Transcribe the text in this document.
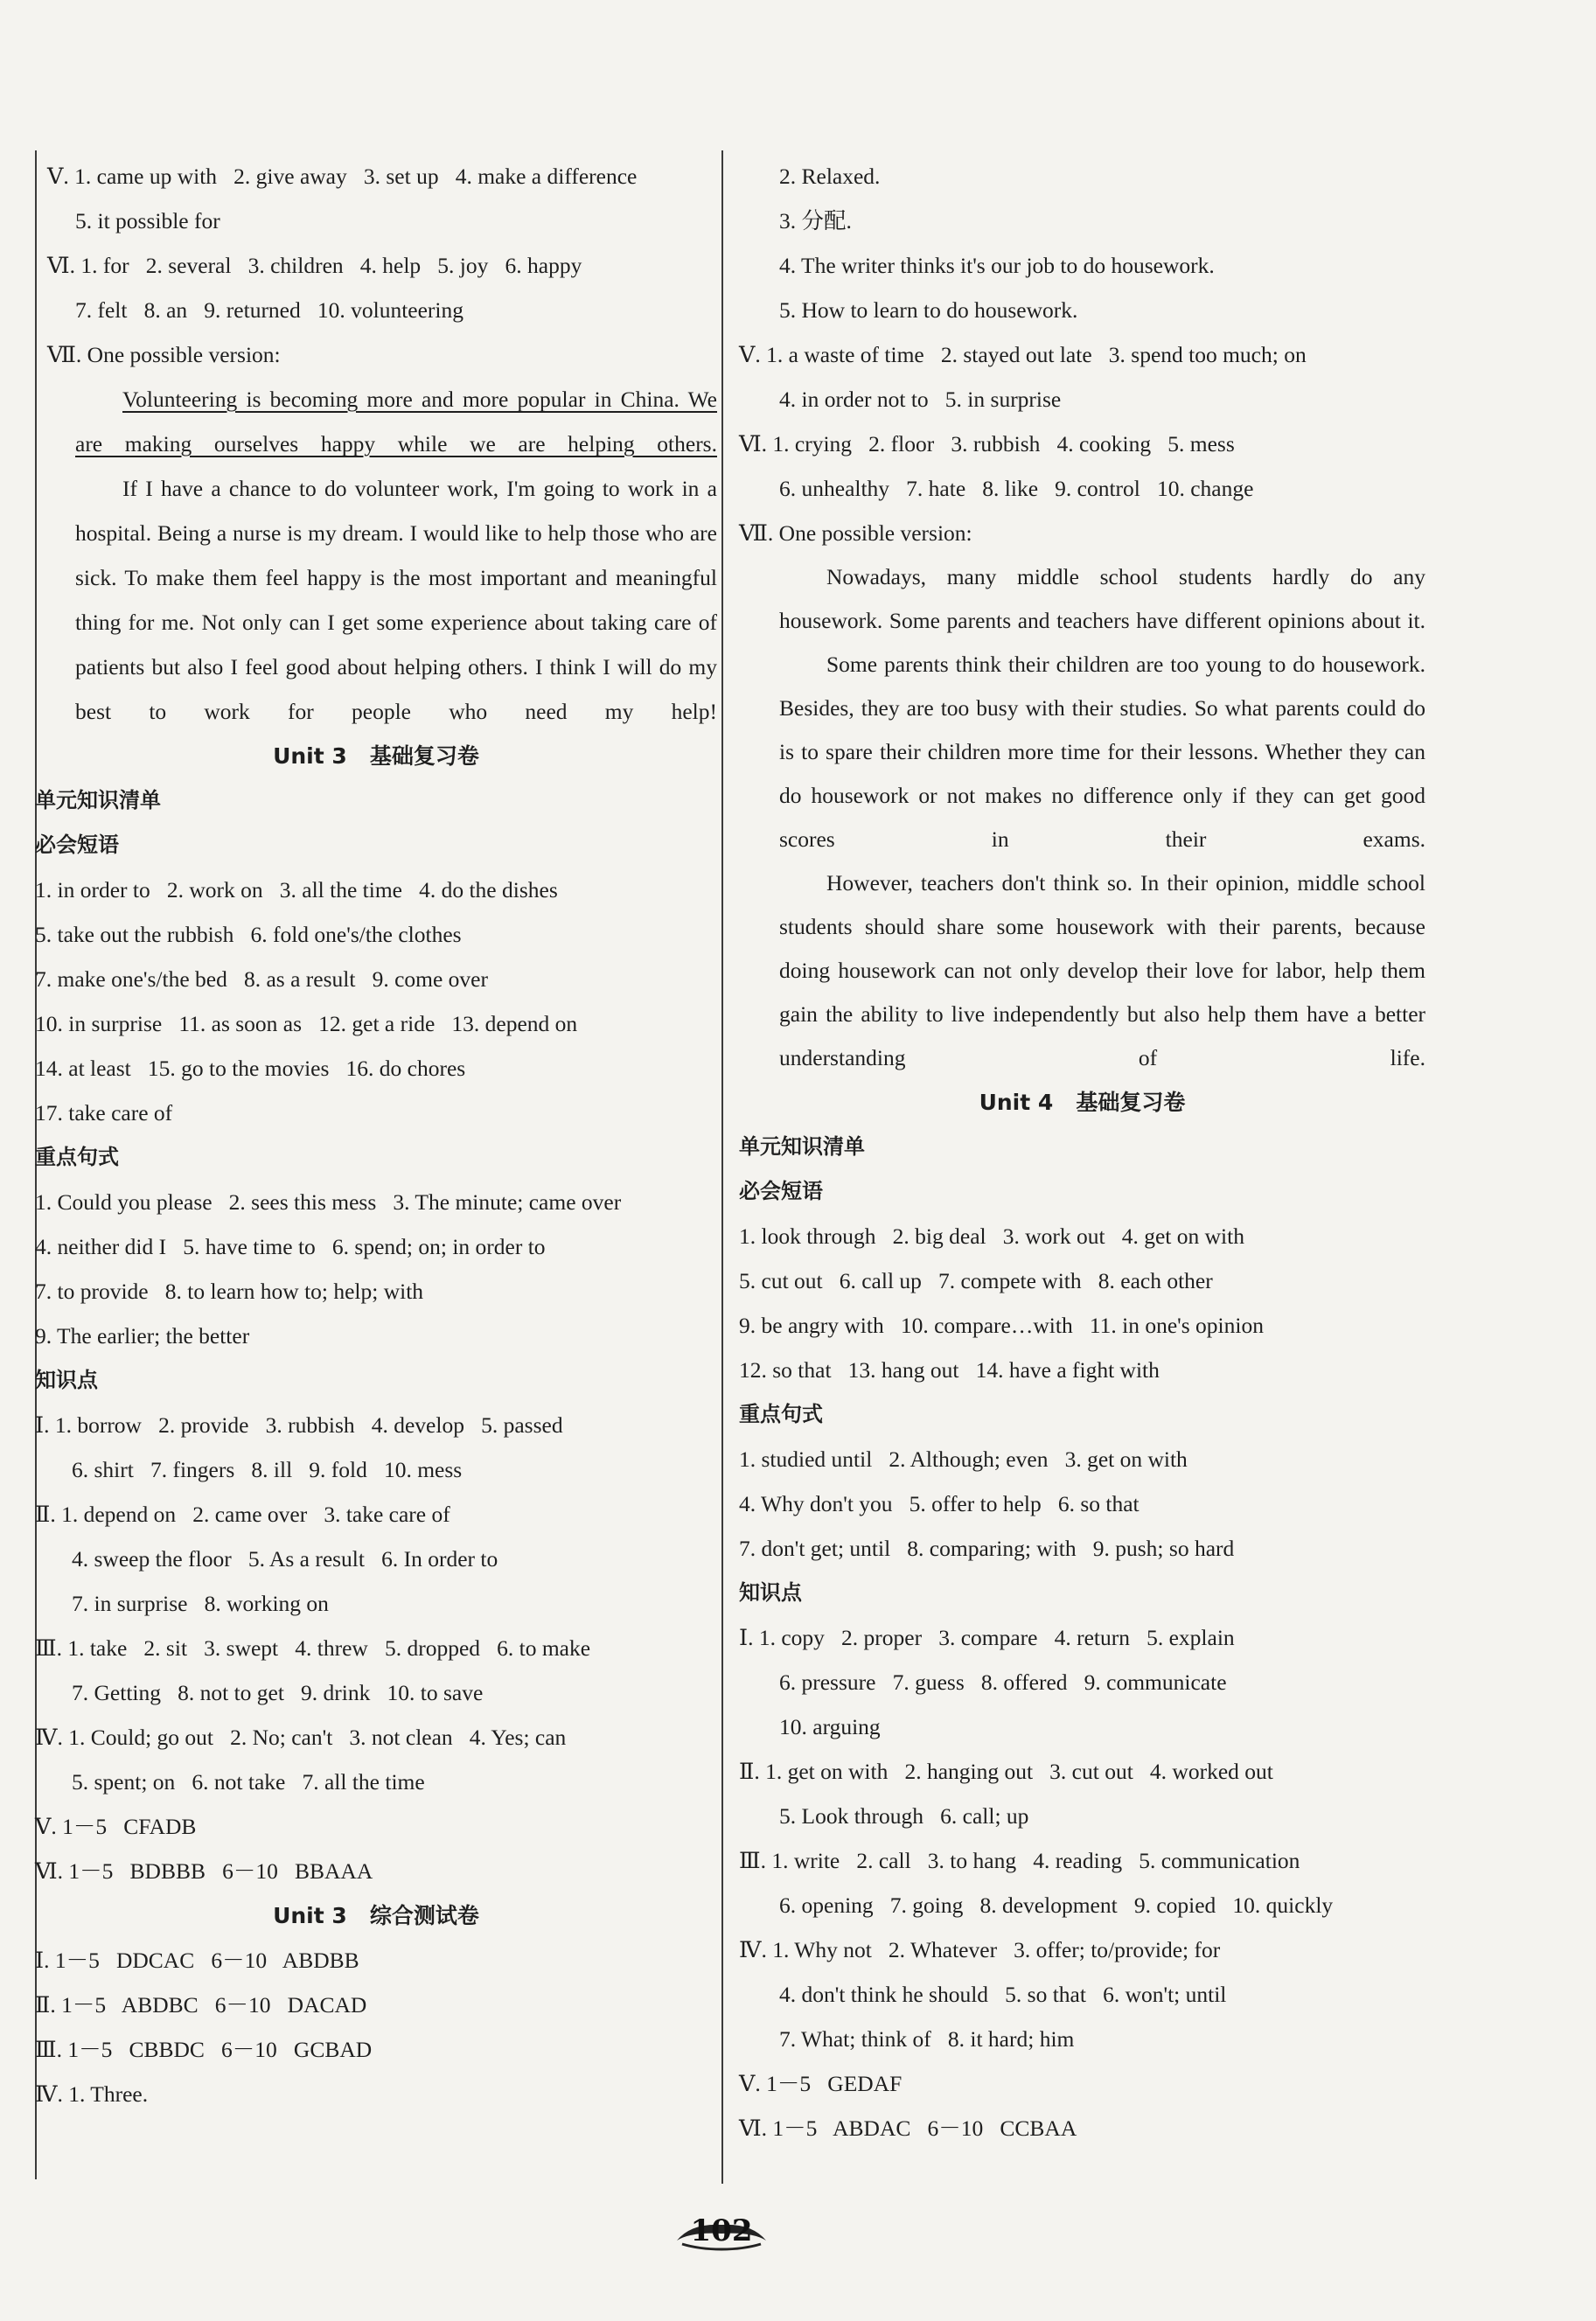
Ⅴ. 1. came up with   2. give away   3. set up   4. make a difference
5. it possible for
Ⅵ. 1. for   2. several   3. children   4. help   5. joy   6. happy
7. felt   8. an   9. returned   10. volunteering
Ⅶ. One possible version:
Volunteering is becoming more and more popular in China. We are making ourselves happy while we are helping others.
If I have a chance to do volunteer work, I'm going to work in a hospital. Being a nurse is my dream. I would like to help those who are sick. To make them feel happy is the most important and meaningful thing for me. Not only can I get some experience about taking care of patients but also I feel good about helping others. I think I will do my best to work for people who need my help!
Unit 3   基础复习卷
单元知识清单
必会短语
1. in order to   2. work on   3. all the time   4. do the dishes
5. take out the rubbish   6. fold one's/the clothes
7. make one's/the bed   8. as a result   9. come over
10. in surprise   11. as soon as   12. get a ride   13. depend on
14. at least   15. go to the movies   16. do chores
17. take care of
重点句式
1. Could you please   2. sees this mess   3. The minute; came over
4. neither did I   5. have time to   6. spend; on; in order to
7. to provide   8. to learn how to; help; with
9. The earlier; the better
知识点
Ⅰ. 1. borrow   2. provide   3. rubbish   4. develop   5. passed
6. shirt   7. fingers   8. ill   9. fold   10. mess
Ⅱ. 1. depend on   2. came over   3. take care of
4. sweep the floor   5. As a result   6. In order to
7. in surprise   8. working on
Ⅲ. 1. take   2. sit   3. swept   4. threw   5. dropped   6. to make
7. Getting   8. not to get   9. drink   10. to save
Ⅳ. 1. Could; go out   2. No; can't   3. not clean   4. Yes; can
5. spent; on   6. not take   7. all the time
Ⅴ. 1－5   CFADB
Ⅵ. 1－5   BDBBB   6－10   BBAAA
Unit 3   综合测试卷
Ⅰ. 1－5   DDCAC   6－10   ABDBB
Ⅱ. 1－5   ABDBC   6－10   DACAD
Ⅲ. 1－5   CBBDC   6－10   GCBAD
Ⅳ. 1. Three.
2. Relaxed.
3. 分配.
4. The writer thinks it's our job to do housework.
5. How to learn to do housework.
Ⅴ. 1. a waste of time   2. stayed out late   3. spend too much; on
4. in order not to   5. in surprise
Ⅵ. 1. crying   2. floor   3. rubbish   4. cooking   5. mess
6. unhealthy   7. hate   8. like   9. control   10. change
Ⅶ. One possible version:
Nowadays, many middle school students hardly do any housework. Some parents and teachers have different opinions about it.
Some parents think their children are too young to do housework. Besides, they are too busy with their studies. So what parents could do is to spare their children more time for their lessons. Whether they can do housework or not makes no difference only if they can get good scores in their exams.
However, teachers don't think so. In their opinion, middle school students should share some housework with their parents, because doing housework can not only develop their love for labor, help them gain the ability to live independently but also help them have a better understanding of life.
Unit 4   基础复习卷
单元知识清单
必会短语
1. look through   2. big deal   3. work out   4. get on with
5. cut out   6. call up   7. compete with   8. each other
9. be angry with   10. compare…with   11. in one's opinion
12. so that   13. hang out   14. have a fight with
重点句式
1. studied until   2. Although; even   3. get on with
4. Why don't you   5. offer to help   6. so that
7. don't get; until   8. comparing; with   9. push; so hard
知识点
Ⅰ. 1. copy   2. proper   3. compare   4. return   5. explain
6. pressure   7. guess   8. offered   9. communicate
10. arguing
Ⅱ. 1. get on with   2. hanging out   3. cut out   4. worked out
5. Look through   6. call; up
Ⅲ. 1. write   2. call   3. to hang   4. reading   5. communication
6. opening   7. going   8. development   9. copied   10. quickly
Ⅳ. 1. Why not   2. Whatever   3. offer; to/provide; for
4. don't think he should   5. so that   6. won't; until
7. What; think of   8. it hard; him
Ⅴ. 1－5   GEDAF
Ⅵ. 1－5   ABDAC   6－10   CCBAA
102
